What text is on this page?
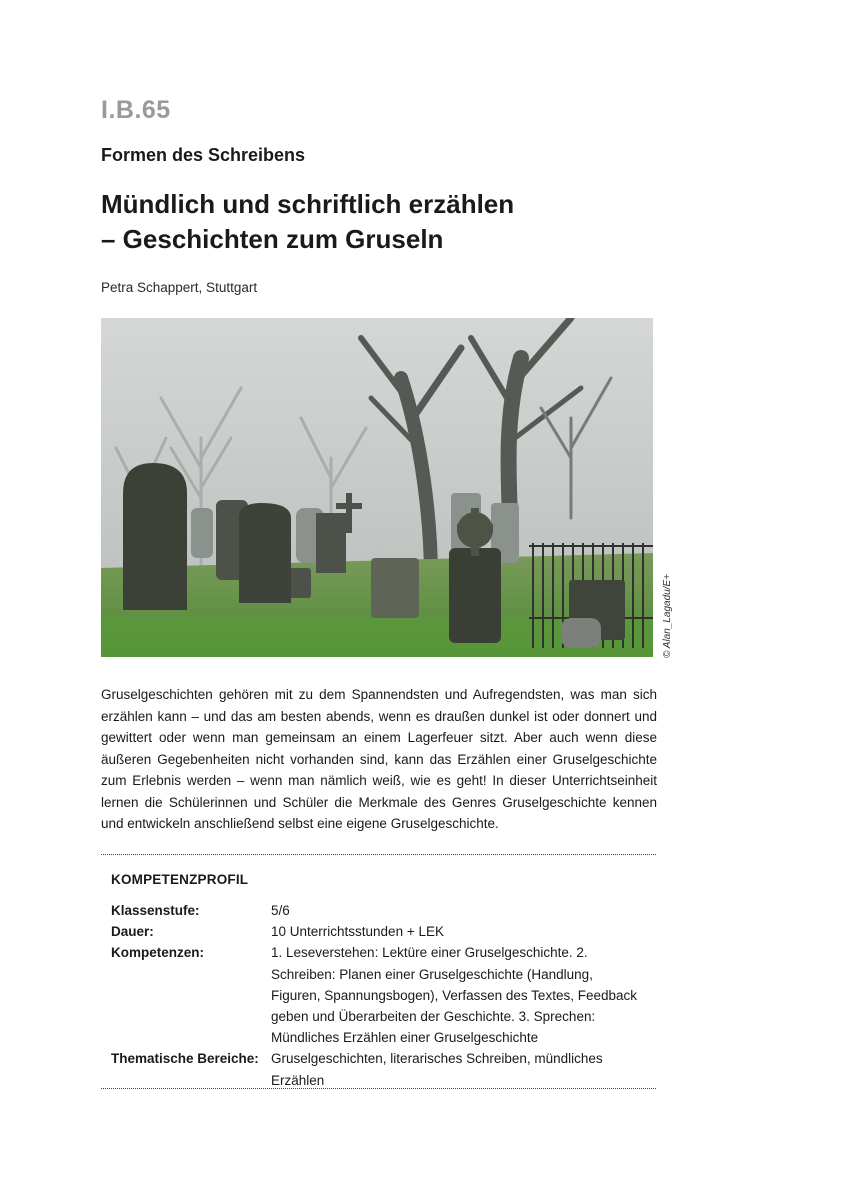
I.B.65
Formen des Schreibens
Mündlich und schriftlich erzählen
– Geschichten zum Gruseln
Petra Schappert, Stuttgart
© Alan_Lagadu/E+

Gruselgeschichten gehören mit zu dem Spannendsten und Aufregendsten, was man sich erzählen kann – und das am besten abends, wenn es draußen dunkel ist oder donnert und gewittert oder wenn man gemeinsam an einem Lagerfeuer sitzt. Aber auch wenn diese äußeren Gegebenheiten nicht vorhanden sind, kann das Erzählen einer Gruselgeschichte zum Erlebnis werden – wenn man nämlich weiß, wie es geht! In dieser Unterrichtseinheit lernen die Schülerinnen und Schüler die Merkmale des Genres Gruselgeschichte kennen und entwickeln anschließend selbst eine eigene Gruselgeschichte.

KOMPETENZPROFIL
Klassenstufe:	5/6
Dauer:	10 Unterrichtsstunden + LEK
Kompetenzen:	1. Leseverstehen: Lektüre einer Gruselgeschichte. 2. Schreiben: Planen einer Gruselgeschichte (Handlung, Figuren, Spannungsbogen), Verfassen des Textes, Feedback geben und Überarbeiten der Geschichte. 3. Sprechen: Mündliches Erzählen einer Gruselgeschichte
Thematische Bereiche: Gruselgeschichten, literarisches Schreiben, mündliches Erzählen
